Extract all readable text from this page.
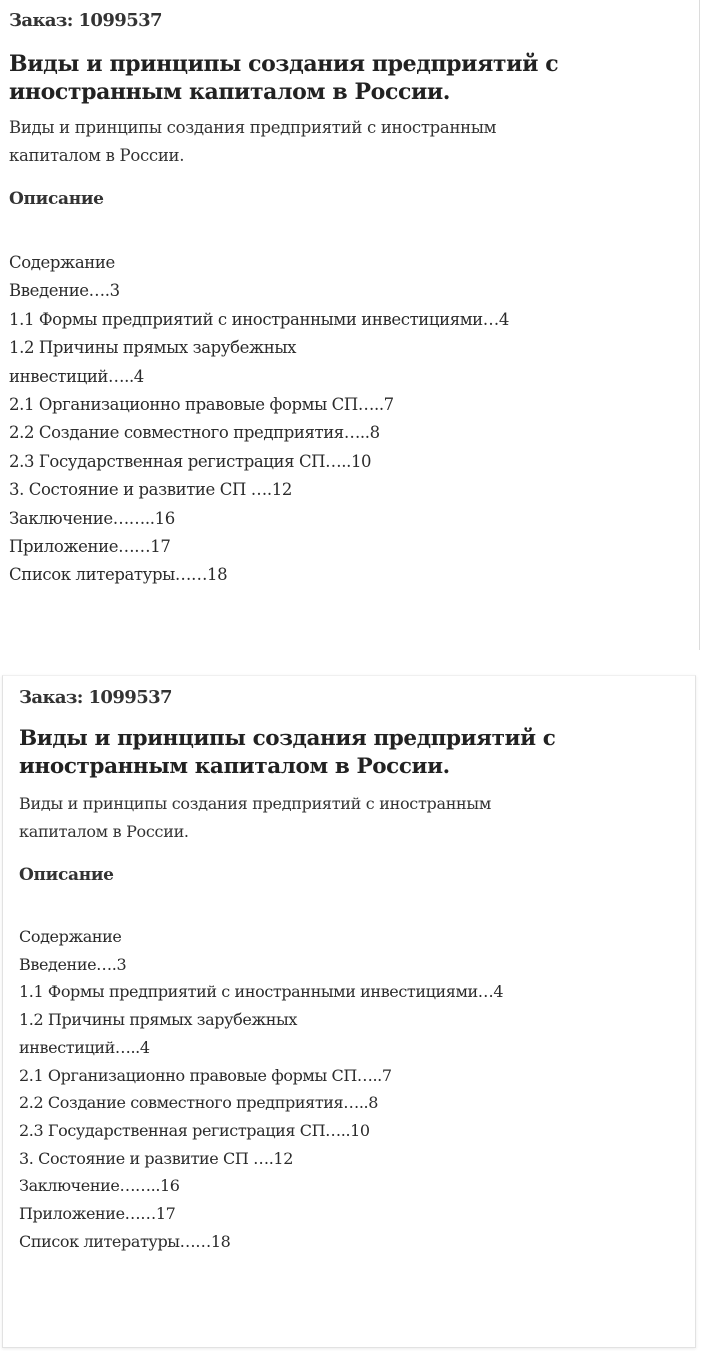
Заказ: 1099537

Виды и принципы создания предприятий с
иностранным капиталом в России.

Виды и принципы создания предприятий с иностранным
капиталом в России.

Описание
Содержание
Введение….3
1.1 Формы предприятий с иностранными инвестициями…4
1.2 Причины прямых зарубежных
инвестиций…..4
2.1 Организационно правовые формы СП…..7
2.2 Создание совместного предприятия…..8
2.3 Государственная регистрация СП…..10
3. Состояние и развитие СП ….12
Заключение……..16
Приложение……17
Список литературы……18

Заказ: 1099537

Виды и принципы создания предприятий с
иностранным капиталом в России.

Виды и принципы создания предприятий с иностранным
капиталом в России.

Описание
Содержание
Введение….3
1.1 Формы предприятий с иностранными инвестициями…4
1.2 Причины прямых зарубежных
инвестиций…..4
2.1 Организационно правовые формы СП…..7
2.2 Создание совместного предприятия…..8
2.3 Государственная регистрация СП…..10
3. Состояние и развитие СП ….12
Заключение……..16
Приложение……17
Список литературы……18
